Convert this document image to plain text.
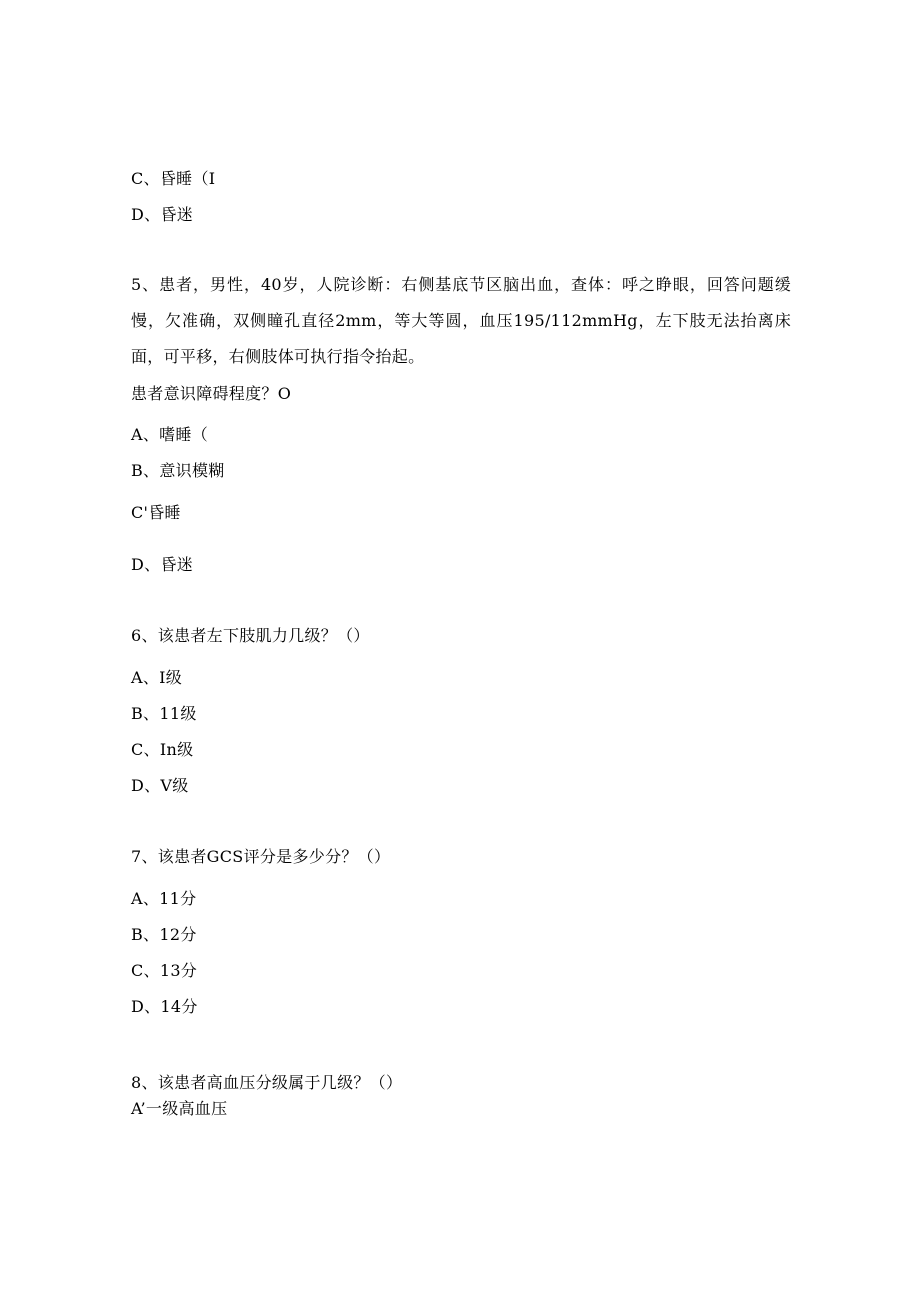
C、昏睡（I
D、昏迷
5、患者，男性，40岁，人院诊断：右侧基底节区脑出血，查体：呼之睁眼，回答问题缓慢，欠准确，双侧瞳孔直径2mm，等大等圆，血压195/112mmHg，左下肢无法抬离床面，可平移，右侧肢体可执行指令抬起。
患者意识障碍程度？O
A、嗜睡（
B、意识模糊
C'昏睡
D、昏迷
6、该患者左下肢肌力几级？（）
A、I级
B、11级
C、In级
D、V级
7、该患者GCS评分是多少分？（）
A、11分
B、12分
C、13分
D、14分
8、该患者高血压分级属于几级？（）
A’一级高血压
